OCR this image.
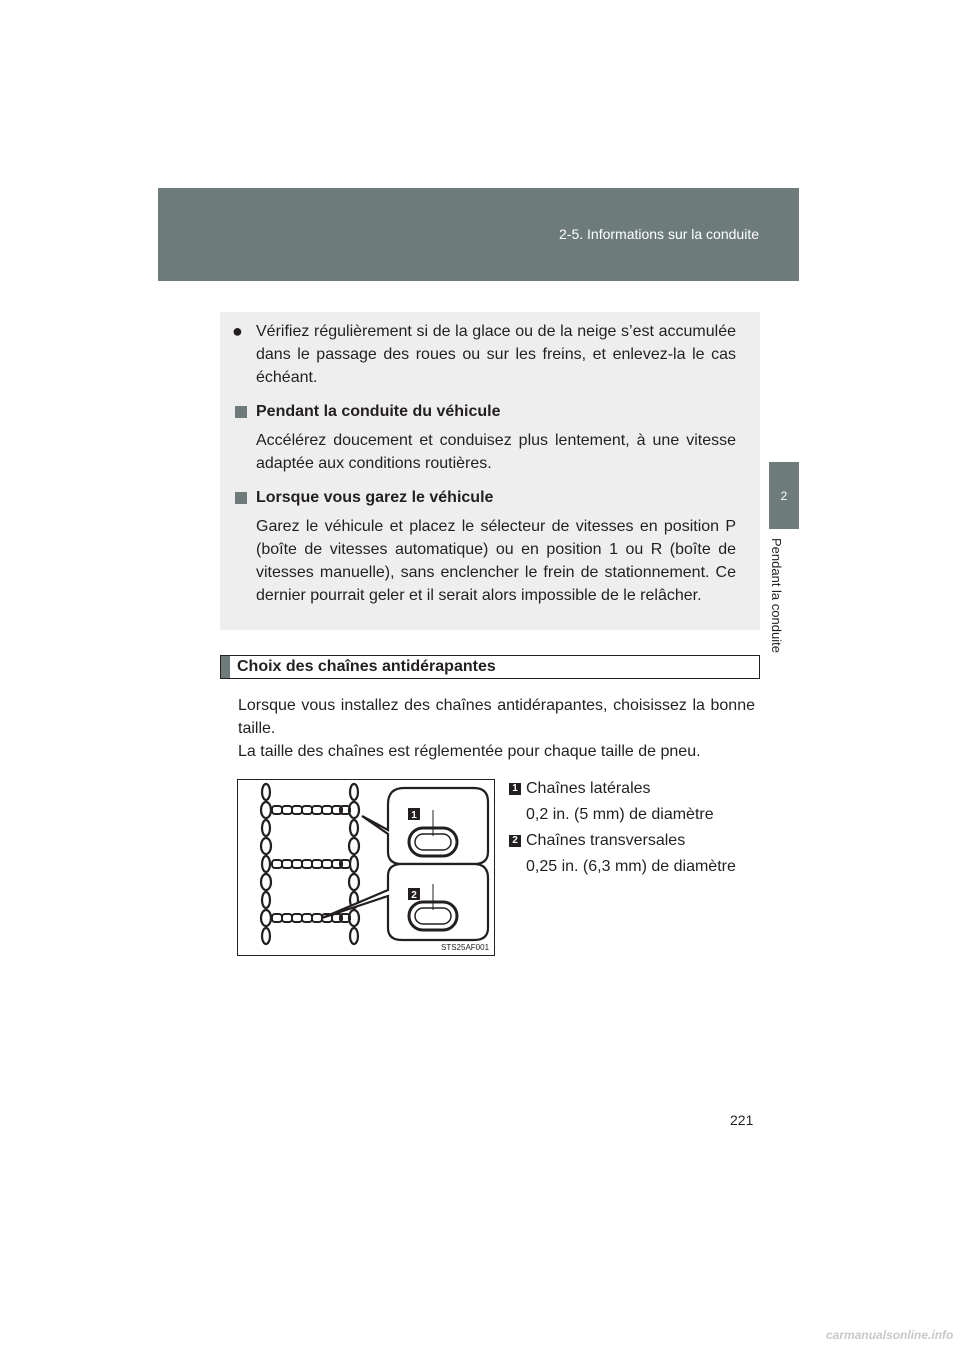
2-5. Informations sur la conduite
2
Pendant la conduite
● Vérifiez régulièrement si de la glace ou de la neige s’est accumulée dans le passage des roues ou sur les freins, et enlevez-la le cas échéant.
Pendant la conduite du véhicule
Accélérez doucement et conduisez plus lentement, à une vitesse adaptée aux conditions routières.
Lorsque vous garez le véhicule
Garez le véhicule et placez le sélecteur de vitesses en position P (boîte de vitesses automatique) ou en position 1 ou R (boîte de vitesses manuelle), sans enclencher le frein de stationnement. Ce dernier pourrait geler et il serait alors impossible de le relâcher.
Choix des chaînes antidérapantes
Lorsque vous installez des chaînes antidérapantes, choisissez la bonne taille.
La taille des chaînes est réglementée pour chaque taille de pneu.
1
2
STS25AF001
1 Chaînes latérales
0,2 in. (5 mm) de diamètre
2 Chaînes transversales
0,25 in. (6,3 mm) de diamètre
221
carmanualsonline.info
